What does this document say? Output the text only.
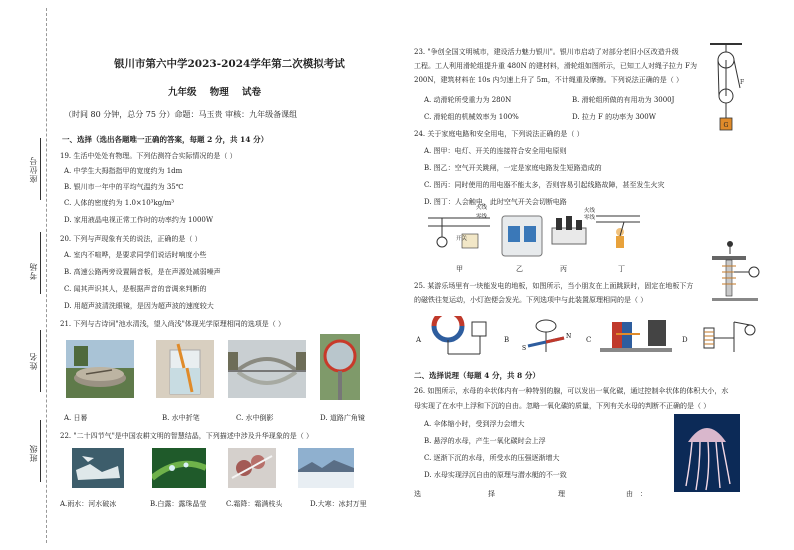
座位号
考场
姓名
班级
银川市第六中学2023-2024学年第二次模拟考试
九年级    物理    试卷
（时间 80 分钟，总分 75 分）命题：马玉贵 审核：九年级备课组
一、选择（选出各题唯一正确的答案，每题 2 分，共 14 分）
19. 生活中处处有物理。下列估测符合实际情况的是（ ）
A. 中学生大拇指指甲的宽度约为 1dm
B. 银川市一年中的平均气温约为 35℃
C. 人体的密度约为 1.0×10³kg/m³
D. 家用液晶电视正常工作时的功率约为 1000W
20. 下列与声现象有关的说法，正确的是（ ）
A. 室内不喧哗，是要求同学们说话时响度小些
B. 高速公路两旁设置隔音板，是在声源处减弱噪声
C. 闻其声识其人，是根据声音的音调来判断的
D. 用超声波清洗眼镜，是因为超声波的速度较大
21. 下列与古诗词"池水清浅，望入尚浅"体现光学原理相同的选项是（ ）
A. 日晷	B. 水中折笔	C. 水中倒影	D. 道路广角镜
22. "二十四节气"是中国农耕文明的智慧结晶，下列描述中涉及升华现象的是（ ）
A.雨水：河水破冰	B.白露：露珠晶莹	C.霜降：霜满枝头	D.大寒：冰封万里
23. "争创全国文明城市，建设活力魅力银川"。银川市启动了对部分老旧小区改造升级
工程。工人利用滑轮组提升重 480N 的建材料，滑轮组如图所示，已知工人对绳子拉力 F为
200N，建筑材料在 10s 内匀速上升了 5m，不计绳重及摩擦。下列说法正确的是（ ）
A. 动滑轮所受重力为 280N	B. 滑轮组所做的有用功为 3000J
C. 滑轮组的机械效率为 100%	D. 拉力 F 的功率为 300W
F
G
24. 关于家庭电路和安全用电，下列说法正确的是（ ）
A. 图甲：电灯、开关的连接符合安全用电原则
B. 图乙：空气开关跳闸，一定是家庭电路发生短路造成的
C. 图丙：同时使用的用电器不能太多，否则容易引起线路故障，甚至发生火灾
D. 图丁：人会触电，此时空气开关会切断电路
火线
零线
开关
火线
零线
甲	乙	丙	丁
25. 某游乐场里有一块能发电的地板，如图所示，当小朋友在上面跳跃时，固定在地板下方
的磁铁往复运动，小灯泡便会发光。下列选项中与此装置原理相同的是（ ）
A	B
S
N C	D
二、选择说理（每题 4 分，共 8 分）
26. 如图所示，水母的伞状体内有一种特别的腺，可以发出一氧化碳，通过控制伞状体的体积大小，水
母实现了在水中上浮和下沉的自由。忽略一氧化碳的质量，下列有关水母的判断不正确的是（ ）
A. 伞体缩小时，受到浮力会增大
B. 悬浮的水母，产生一氧化碳时会上浮
C. 逐渐下沉的水母，所受水的压强逐渐增大
D. 水母实现浮沉自由的原理与潜水艇的不一致
选	择	理	由 ：
